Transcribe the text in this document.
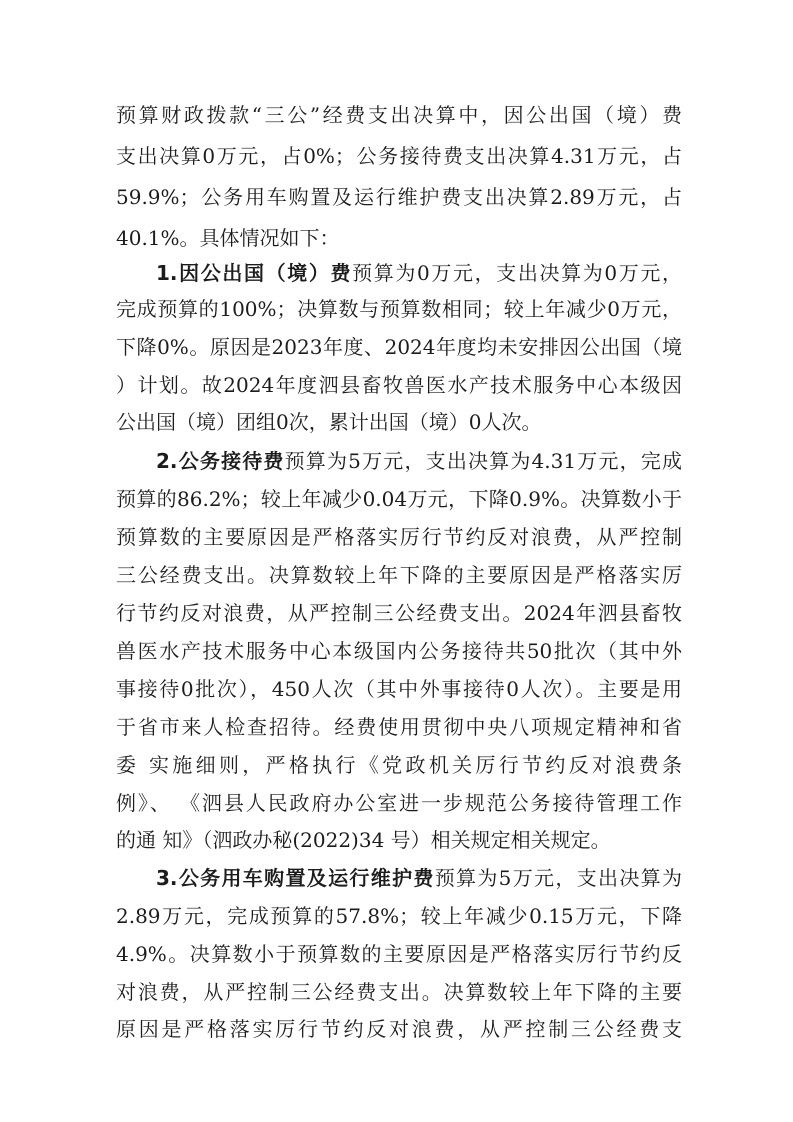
预算财政拨款“三公”经费支出决算中，因公出国（境）费
支出决算0万元，占0%；公务接待费支出决算4.31万元，占
59.9%；公务用车购置及运行维护费支出决算2.89万元，占
40.1%。具体情况如下：
1.因公出国（境）费预算为0万元，支出决算为0万元，
完成预算的100%；决算数与预算数相同；较上年减少0万元，
下降0%。原因是2023年度、2024年度均未安排因公出国（境
）计划。故2024年度泗县畜牧兽医水产技术服务中心本级因
公出国（境）团组0次，累计出国（境）0人次。
2.公务接待费预算为5万元，支出决算为4.31万元，完成
预算的86.2%；较上年减少0.04万元，下降0.9%。决算数小于
预算数的主要原因是严格落实厉行节约反对浪费，从严控制
三公经费支出。决算数较上年下降的主要原因是严格落实厉
行节约反对浪费，从严控制三公经费支出。2024年泗县畜牧
兽医水产技术服务中心本级国内公务接待共50批次（其中外
事接待0批次），450人次（其中外事接待0人次）。主要是用
于省市来人检查招待。经费使用贯彻中央八项规定精神和省
委 实施细则，严格执行《党政机关厉行节约反对浪费条
例》、 《泗县人民政府办公室进一步规范公务接待管理工作
的通 知》（泗政办秘(2022)34 号）相关规定相关规定。
3.公务用车购置及运行维护费预算为5万元，支出决算为
2.89万元，完成预算的57.8%；较上年减少0.15万元，下降
4.9%。决算数小于预算数的主要原因是严格落实厉行节约反
对浪费，从严控制三公经费支出。决算数较上年下降的主要
原因是严格落实厉行节约反对浪费，从严控制三公经费支
